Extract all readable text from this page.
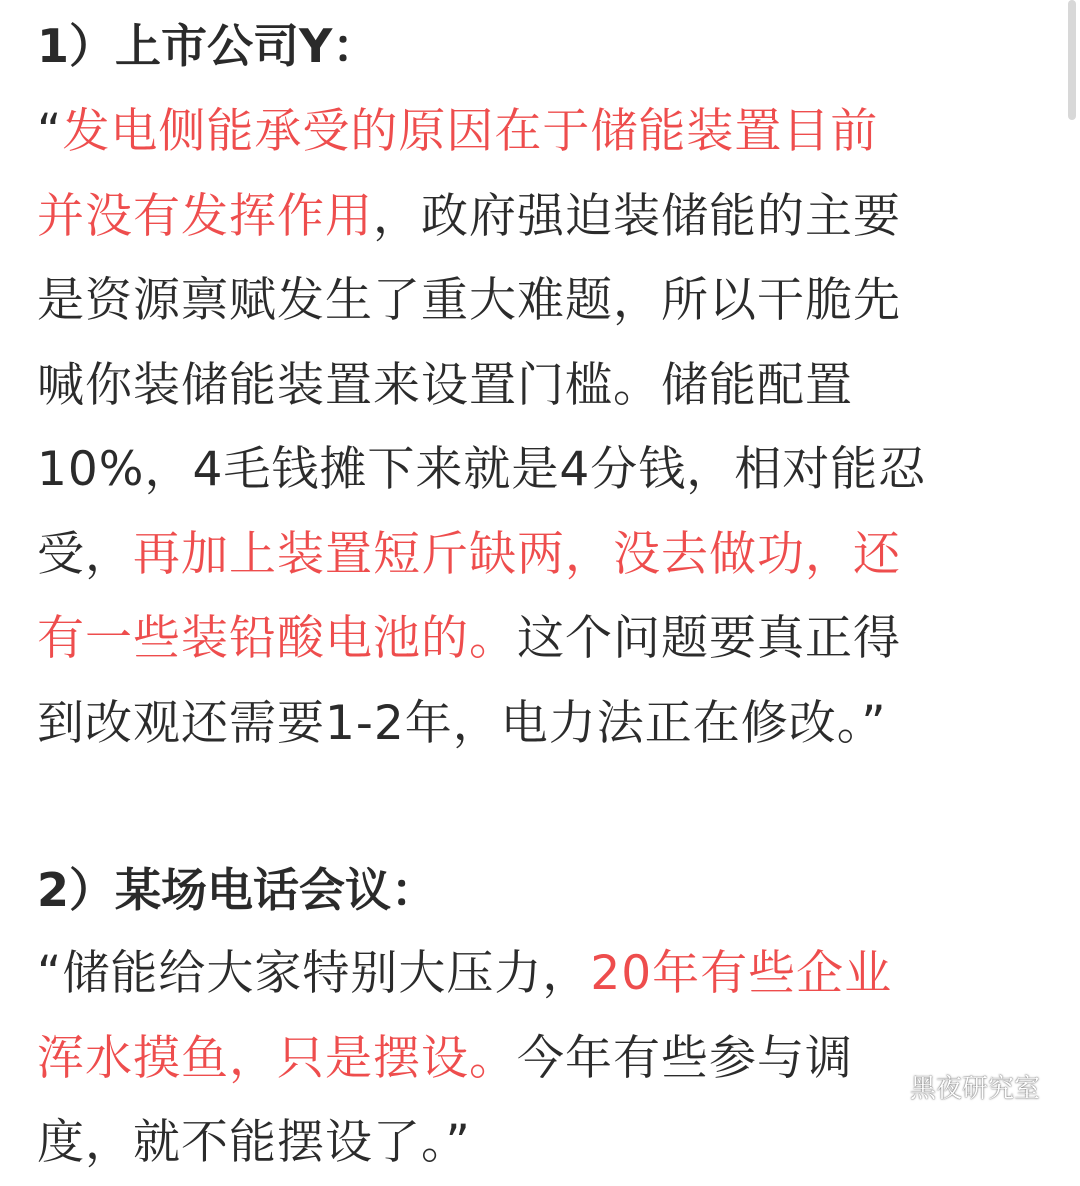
1）上市公司Y：
“发电侧能承受的原因在于储能装置目前
并没有发挥作用，政府强迫装储能的主要
是资源禀赋发生了重大难题，所以干脆先
喊你装储能装置来设置门槛。储能配置
10%，4毛钱摊下来就是4分钱，相对能忍
受，再加上装置短斤缺两，没去做功，还
有一些装铅酸电池的。这个问题要真正得
到改观还需要1-2年，电力法正在修改。”
2）某场电话会议：
“储能给大家特别大压力，20年有些企业
浑水摸鱼，只是摆设。今年有些参与调
度，就不能摆设了。”
黑夜研究室
